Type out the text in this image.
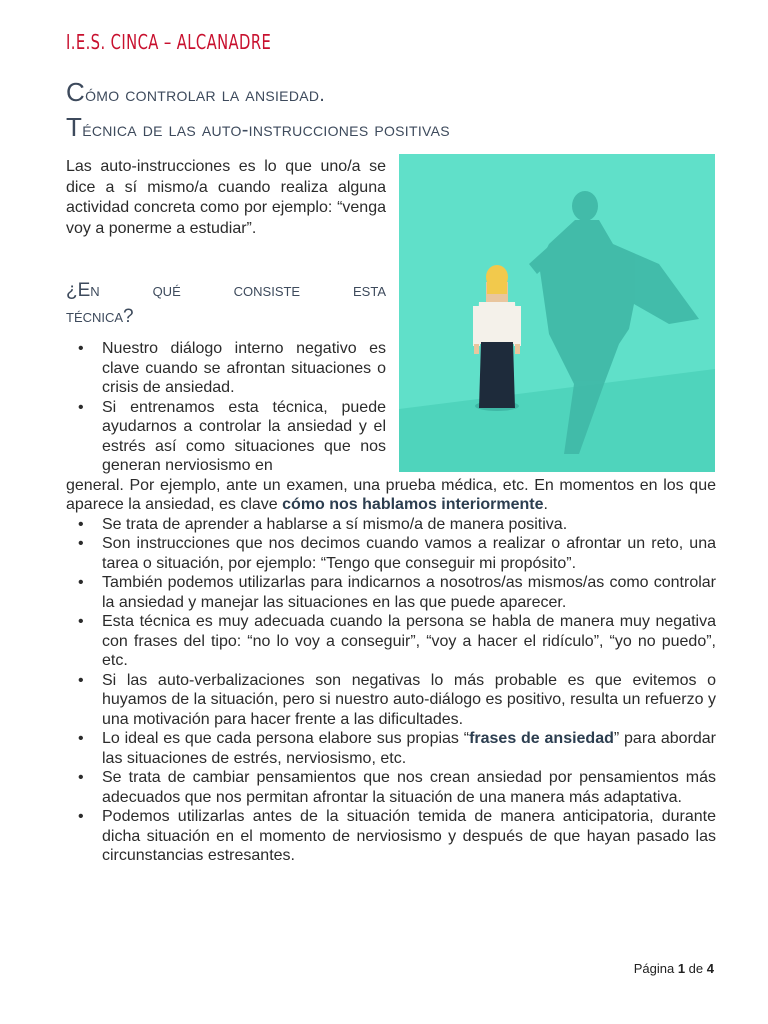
I.E.S. CINCA – ALCANADRE
Cómo controlar la ansiedad.
Técnica de las auto-instrucciones positivas
Las auto-instrucciones es lo que uno/a se dice a sí mismo/a cuando realiza alguna actividad concreta como por ejemplo: “venga voy a ponerme a estudiar”.
¿En qué consiste esta
técnica?
• Nuestro diálogo interno negativo es clave cuando se afrontan situaciones o crisis de ansiedad.
• Si entrenamos esta técnica, puede ayudarnos a controlar la ansiedad y el estrés así como situaciones que nos generan nerviosismo en
general. Por ejemplo, ante un examen, una prueba médica, etc. En momentos en los que aparece la ansiedad, es clave cómo nos hablamos interiormente.
• Se trata de aprender a hablarse a sí mismo/a de manera positiva.
• Son instrucciones que nos decimos cuando vamos a realizar o afrontar un reto, una tarea o situación, por ejemplo: “Tengo que conseguir mi propósito”.
• También podemos utilizarlas para indicarnos a nosotros/as mismos/as como controlar la ansiedad y manejar las situaciones en las que puede aparecer.
• Esta técnica es muy adecuada cuando la persona se habla de manera muy negativa con frases del tipo: “no lo voy a conseguir”, “voy a hacer el ridículo”, “yo no puedo”, etc.
• Si las auto-verbalizaciones son negativas lo más probable es que evitemos o huyamos de la situación, pero si nuestro auto-diálogo es positivo, resulta un refuerzo y una motivación para hacer frente a las dificultades.
• Lo ideal es que cada persona elabore sus propias “frases de ansiedad” para abordar las situaciones de estrés, nerviosismo, etc.
• Se trata de cambiar pensamientos que nos crean ansiedad por pensamientos más adecuados que nos permitan afrontar la situación de una manera más adaptativa.
• Podemos utilizarlas antes de la situación temida de manera anticipatoria, durante dicha situación en el momento de nerviosismo y después de que hayan pasado las circunstancias estresantes.
Página 1 de 4
